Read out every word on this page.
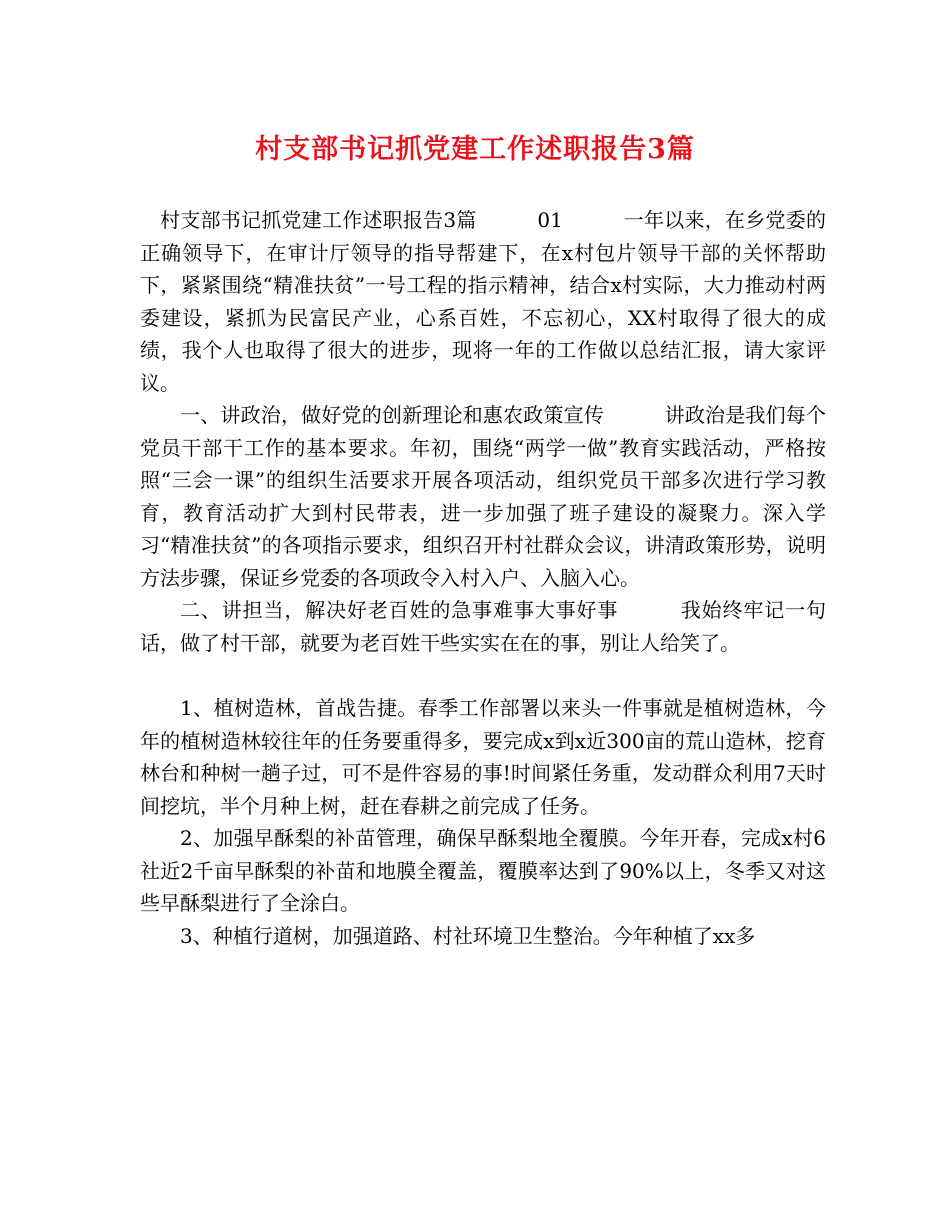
村支部书记抓党建工作述职报告3篇

村支部书记抓党建工作述职报告3篇　　　01　　　一年以来，在乡党委的正确领导下，在审计厅领导的指导帮建下，在x村包片领导干部的关怀帮助下，紧紧围绕“精准扶贫”一号工程的指示精神，结合x村实际，大力推动村两委建设，紧抓为民富民产业，心系百姓，不忘初心，XX村取得了很大的成绩，我个人也取得了很大的进步，现将一年的工作做以总结汇报，请大家评议。

一、讲政治，做好党的创新理论和惠农政策宣传　　　讲政治是我们每个党员干部干工作的基本要求。年初，围绕“两学一做”教育实践活动，严格按照“三会一课”的组织生活要求开展各项活动，组织党员干部多次进行学习教育，教育活动扩大到村民带表，进一步加强了班子建设的凝聚力。深入学习“精准扶贫”的各项指示要求，组织召开村社群众会议，讲清政策形势，说明方法步骤，保证乡党委的各项政令入村入户、入脑入心。

二、讲担当，解决好老百姓的急事难事大事好事　　　我始终牢记一句话，做了村干部，就要为老百姓干些实实在在的事，别让人给笑了。

1、植树造林，首战告捷。春季工作部署以来头一件事就是植树造林，今年的植树造林较往年的任务要重得多，要完成x到x近300亩的荒山造林，挖育林台和种树一趟子过，可不是件容易的事!时间紧任务重，发动群众利用7天时间挖坑，半个月种上树，赶在春耕之前完成了任务。

2、加强早酥梨的补苗管理，确保早酥梨地全覆膜。今年开春，完成x村6社近2千亩早酥梨的补苗和地膜全覆盖，覆膜率达到了90%以上，冬季又对这些早酥梨进行了全涂白。

3、种植行道树，加强道路、村社环境卫生整治。今年种植了xx多
